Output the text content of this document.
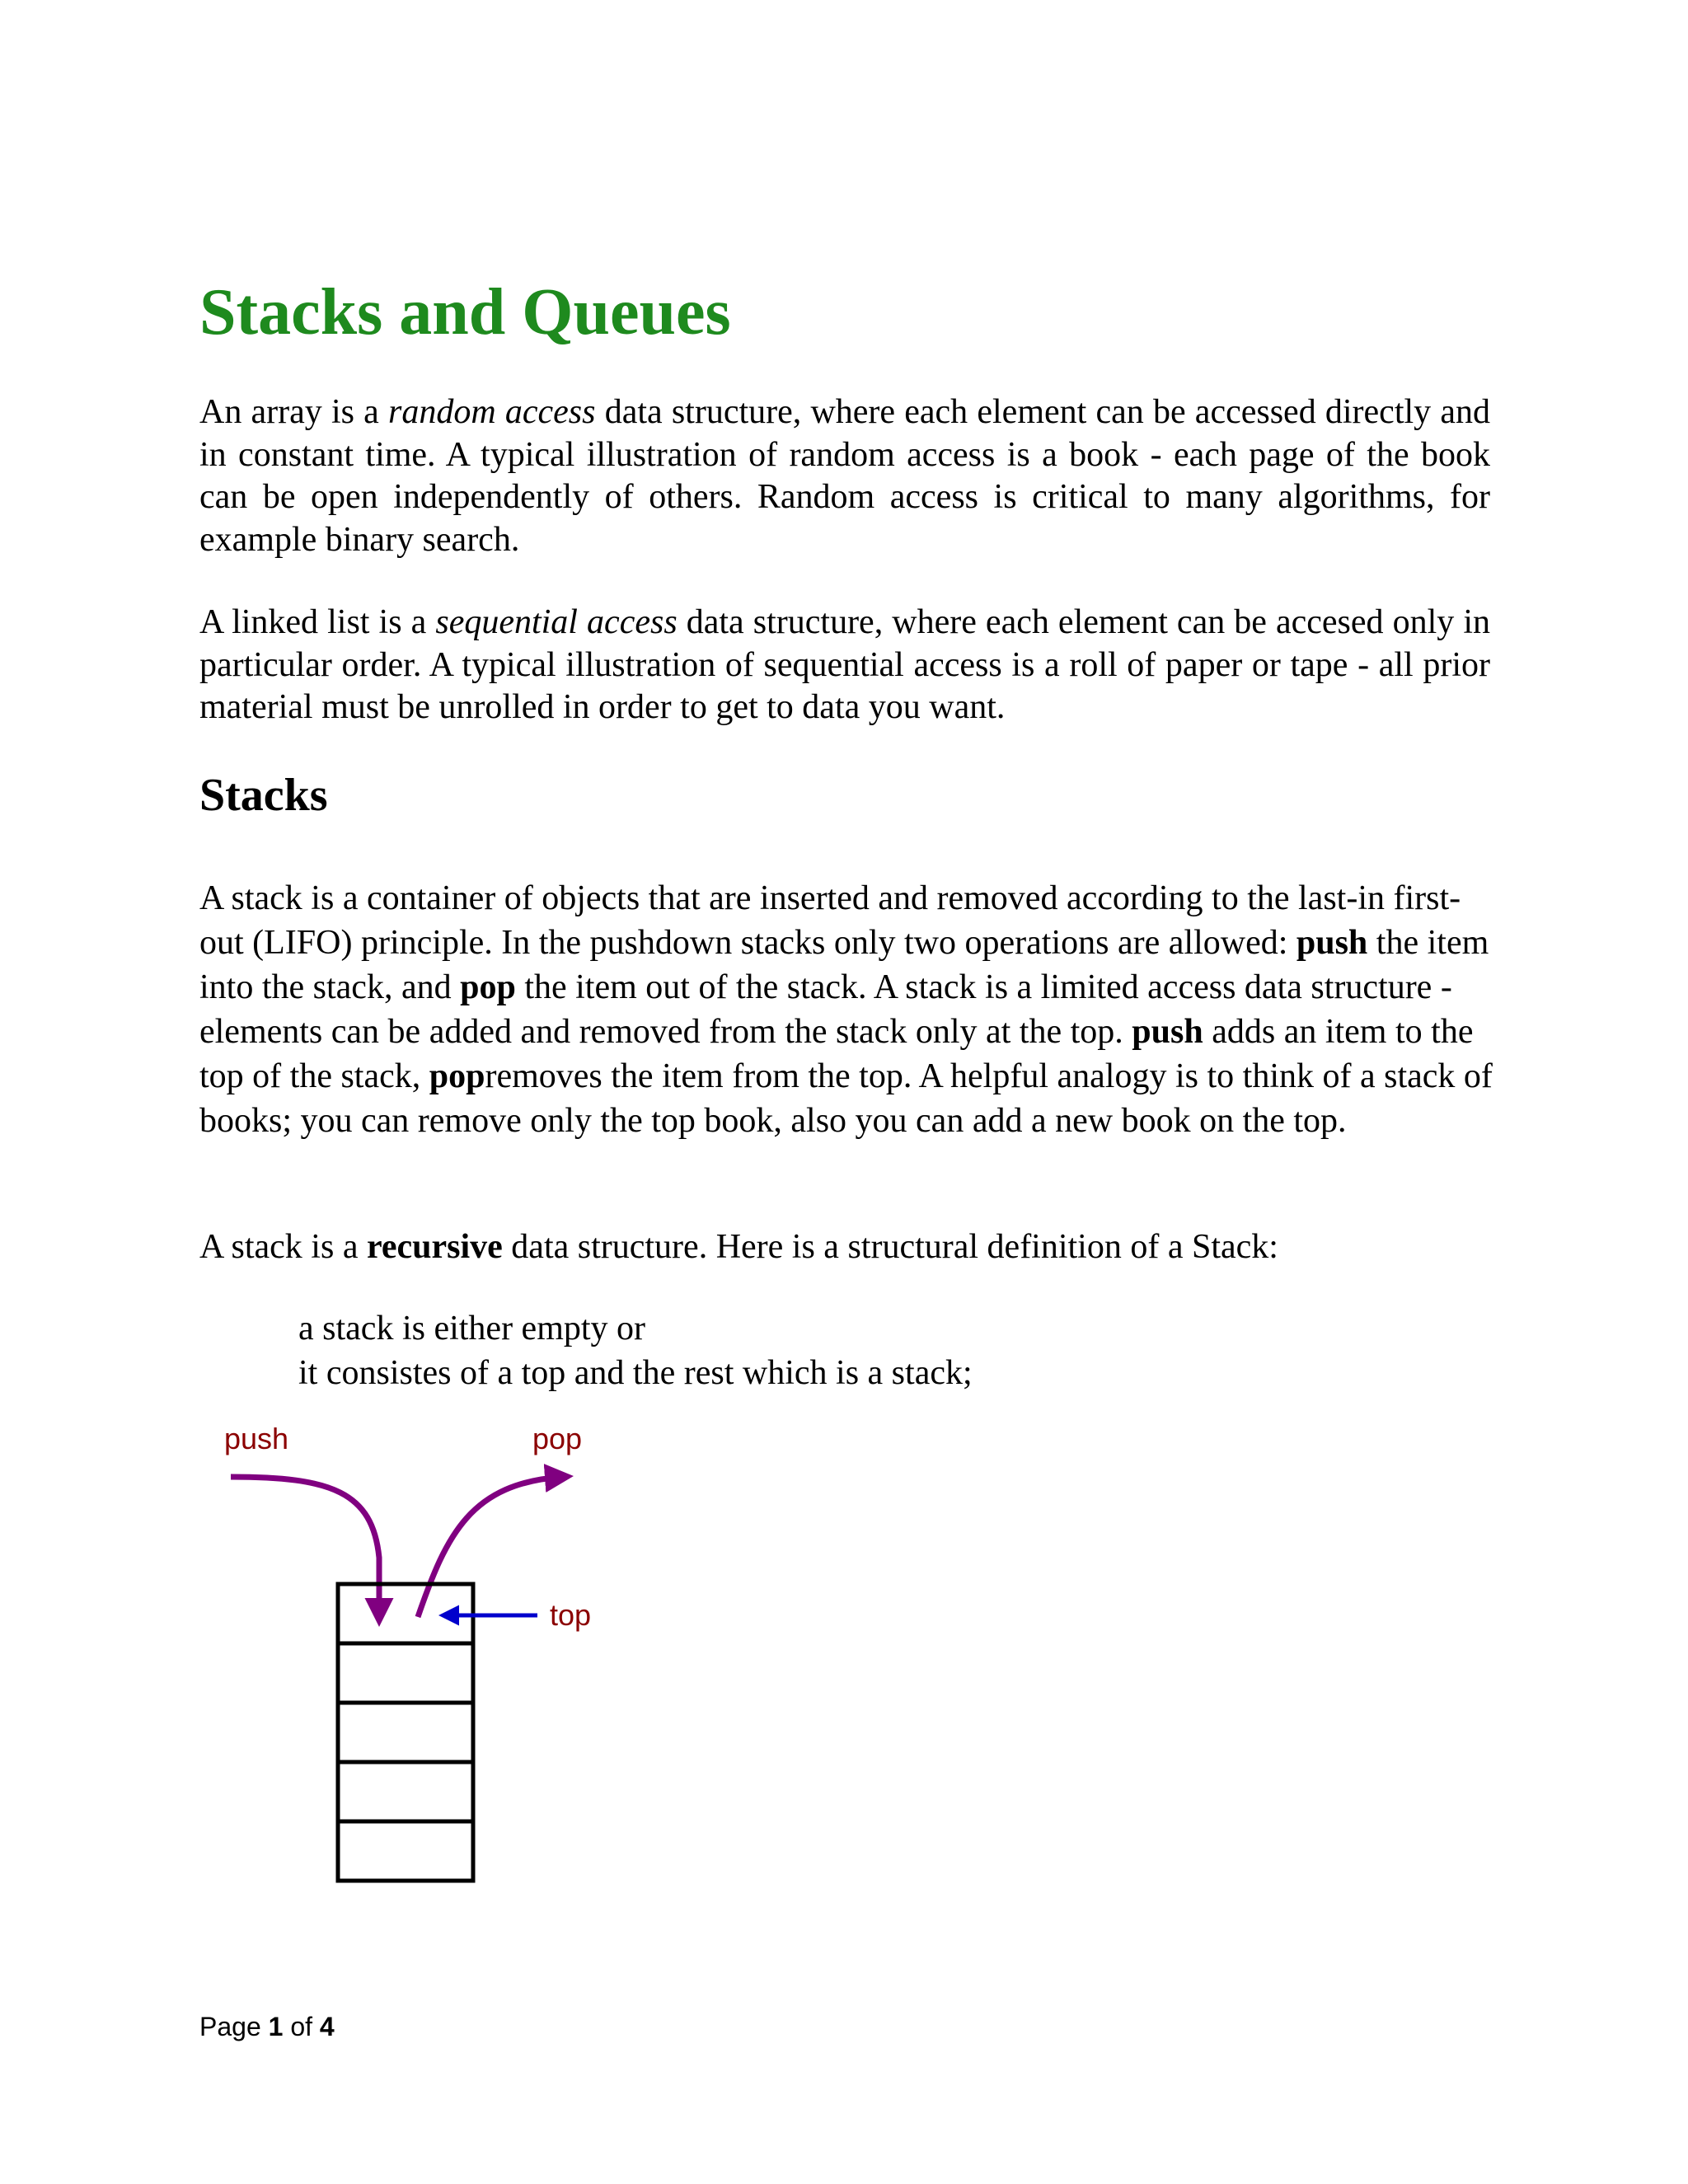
Stacks and Queues

An array is a random access data structure, where each element can be accessed directly and in constant time. A typical illustration of random access is a book - each page of the book can be open independently of others. Random access is critical to many algorithms, for example binary search.

A linked list is a sequential access data structure, where each element can be accesed only in particular order. A typical illustration of sequential access is a roll of paper or tape - all prior material must be unrolled in order to get to data you want.

Stacks

A stack is a container of objects that are inserted and removed according to the last-in first-out (LIFO) principle. In the pushdown stacks only two operations are allowed: push the item into the stack, and pop the item out of the stack. A stack is a limited access data structure - elements can be added and removed from the stack only at the top. push adds an item to the top of the stack, popremoves the item from the top. A helpful analogy is to think of a stack of books; you can remove only the top book, also you can add a new book on the top.

A stack is a recursive data structure. Here is a structural definition of a Stack:

a stack is either empty or
it consistes of a top and the rest which is a stack;

push	pop
top
Page 1 of 4
